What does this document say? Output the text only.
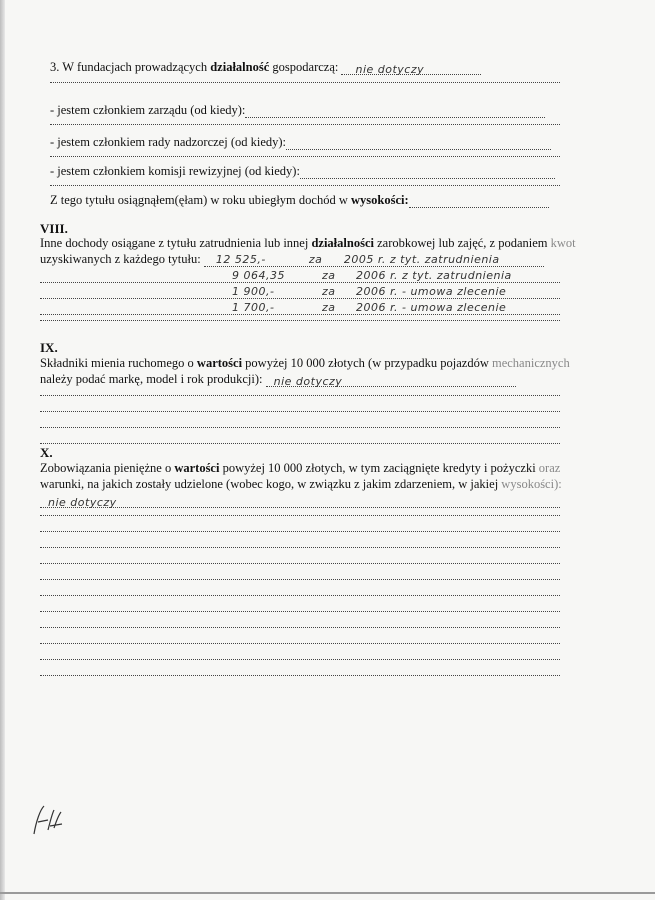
3. W fundacjach prowadzących działalność gospodarczą: nie dotyczy
- jestem członkiem zarządu (od kiedy):
- jestem członkiem rady nadzorczej (od kiedy):
- jestem członkiem komisji rewizyjnej (od kiedy):
Z tego tytułu osiągnąłem(ęłam) w roku ubiegłym dochód w wysokości:
VIII.
Inne dochody osiągane z tytułu zatrudnienia lub innej działalności zarobkowej lub zajęć, z podaniem kwot
uzyskiwanych z każdego tytułu: 12 525,-	za 2005 r. z tyt. zatrudnienia
9 064,35	za 2006 r. z tyt. zatrudnienia
1 900,-	za 2006 r. - umowa zlecenie
1 700,-	za 2006 r. - umowa zlecenie
IX.
Składniki mienia ruchomego o wartości powyżej 10 000 złotych (w przypadku pojazdów mechanicznych
należy podać markę, model i rok produkcji): nie dotyczy
X.
Zobowiązania pieniężne o wartości powyżej 10 000 złotych, w tym zaciągnięte kredyty i pożyczki oraz
warunki, na jakich zostały udzielone (wobec kogo, w związku z jakim zdarzeniem, w jakiej wysokości):
nie dotyczy
